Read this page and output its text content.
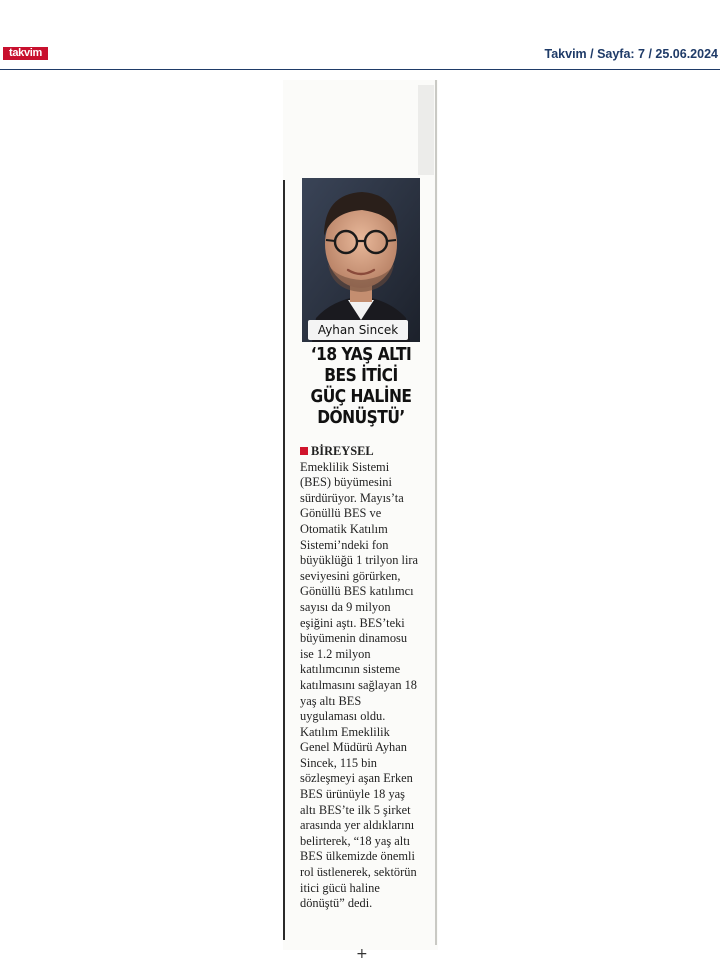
takvim	Takvim / Sayfa: 7 / 25.06.2024
Ayhan Sincek
‘18 YAŞ ALTI BES İTİCİ GÜÇ HALİNE DÖNÜŞTÜ’

BİREYSEL Emeklilik Sistemi (BES) büyümesini sürdürüyor. Mayıs’ta Gönüllü BES ve Otomatik Katılım Sistemi’ndeki fon büyüklüğü 1 trilyon lira seviyesini görürken, Gönüllü BES katılımcı sayısı da 9 milyon eşiğini aştı. BES’teki büyümenin dinamosu ise 1.2 milyon katılımcının sisteme katılmasını sağlayan 18 yaş altı BES uygulaması oldu. Katılım Emeklilik Genel Müdürü Ayhan Sincek, 115 bin sözleşmeyi aşan Erken BES ürünüyle 18 yaş altı BES’te ilk 5 şirket arasında yer aldıklarını belirterek, “18 yaş altı BES ülkemizde önemli rol üstlenerek, sektörün itici gücü haline dönüştü” dedi.

+
